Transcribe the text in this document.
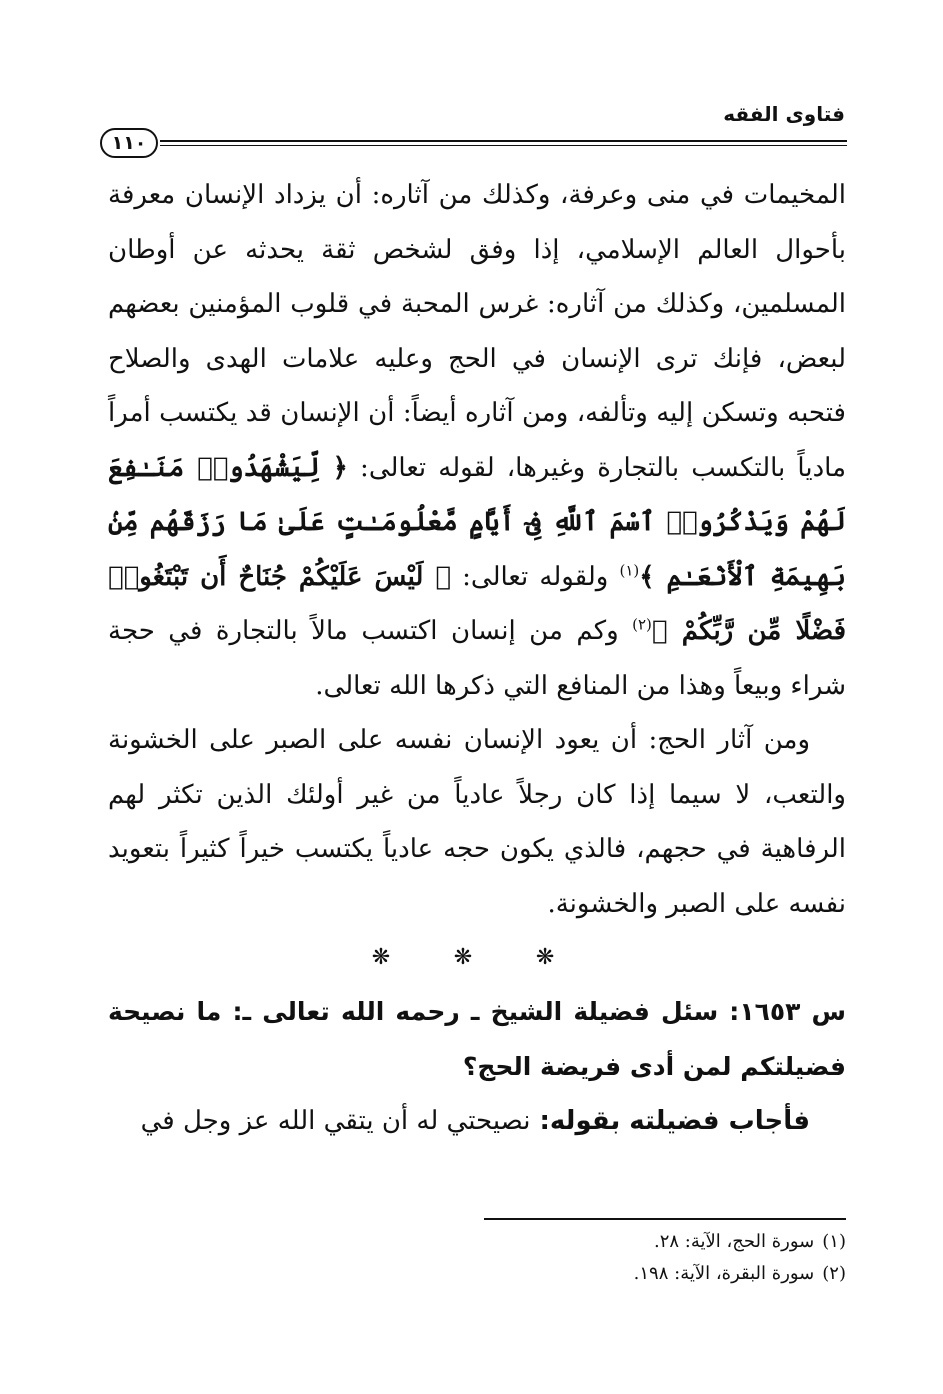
فتاوى الفقه
١١٠

المخيمات في منى وعرفة، وكذلك من آثاره: أن يزداد الإنسان معرفة بأحوال العالم الإسلامي، إذا وفق لشخص ثقة يحدثه عن أوطان المسلمين، وكذلك من آثاره: غرس المحبة في قلوب المؤمنين بعضهم لبعض، فإنك ترى الإنسان في الحج وعليه علامات الهدى والصلاح فتحبه وتسكن إليه وتألفه، ومن آثاره أيضاً: أن الإنسان قد يكتسب أمراً مادياً بالتكسب بالتجارة وغيرها، لقوله تعالى: ﴿ لِّيَشْهَدُوا۟ مَنَـٰفِعَ لَهُمْ وَيَذْكُرُوا۟ ٱسْمَ ٱللَّهِ فِىٓ أَيَّامٍ مَّعْلُومَـٰتٍ عَلَىٰ مَا رَزَقَهُم مِّنۢ بَهِيمَةِ ٱلْأَنْعَـٰمِ ﴾$^{(١)}$ ولقوله تعالى: ﴿ لَيْسَ عَلَيْكُمْ جُنَاحٌ أَن تَبْتَغُوا۟ فَضْلًا مِّن رَّبِّكُمْ ﴾$^{(٢)}$ وكم من إنسان اكتسب مالاً بالتجارة في حجة شراء وبيعاً وهذا من المنافع التي ذكرها الله تعالى.

ومن آثار الحج: أن يعود الإنسان نفسه على الصبر على الخشونة والتعب، لا سيما إذا كان رجلاً عادياً من غير أولئك الذين تكثر لهم الرفاهية في حجهم، فالذي يكون حجه عادياً يكتسب خيراً كثيراً بتعويد نفسه على الصبر والخشونة.

❋ ❋ ❋

س ١٦٥٣: سئل فضيلة الشيخ ـ رحمه الله تعالى ـ: ما نصيحة فضيلتكم لمن أدى فريضة الحج؟

فأجاب فضيلته بقوله: نصيحتي له أن يتقي الله عز وجل في

(١)سورة الحج، الآية: ٢٨.

(٢)سورة البقرة، الآية: ١٩٨.
